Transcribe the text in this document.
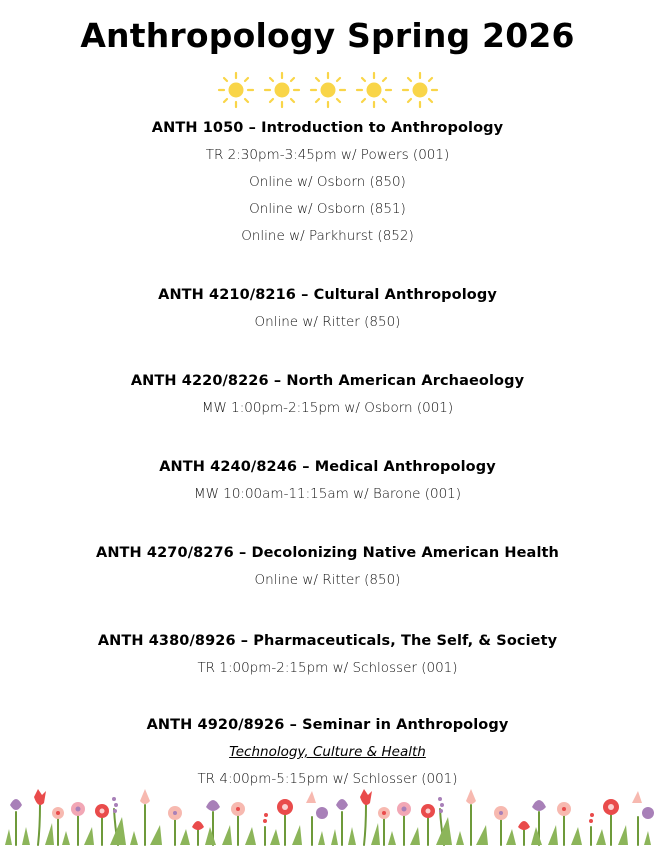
Anthropology Spring 2026
ANTH 1050 – Introduction to Anthropology
TR 2:30pm-3:45pm w/ Powers (001)
Online w/ Osborn (850)
Online w/ Osborn (851)
Online w/ Parkhurst (852)
ANTH 4210/8216 – Cultural Anthropology
Online w/ Ritter (850)
ANTH 4220/8226 – North American Archaeology
MW 1:00pm-2:15pm w/ Osborn (001)
ANTH 4240/8246 – Medical Anthropology
MW 10:00am-11:15am w/ Barone (001)
ANTH 4270/8276 – Decolonizing Native American Health
Online w/ Ritter (850)
ANTH 4380/8926 – Pharmaceuticals, The Self, & Society
TR 1:00pm-2:15pm w/ Schlosser (001)
ANTH 4920/8926 – Seminar in Anthropology
Technology, Culture & Health
TR 4:00pm-5:15pm w/ Schlosser (001)
